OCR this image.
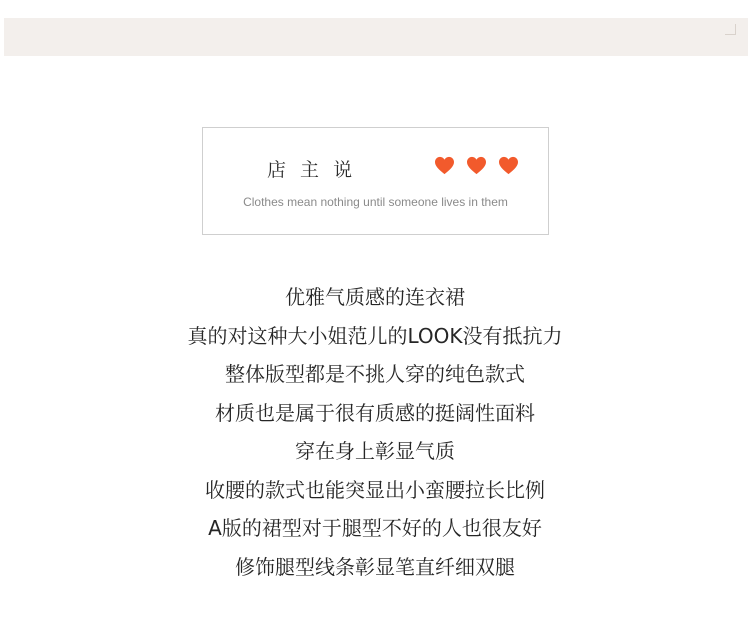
店 主 说
Clothes mean nothing until someone lives in them
优雅气质感的连衣裙
真的对这种大小姐范儿的LOOK没有抵抗力
整体版型都是不挑人穿的纯色款式
材质也是属于很有质感的挺阔性面料
穿在身上彰显气质
收腰的款式也能突显出小蛮腰拉长比例
A版的裙型对于腿型不好的人也很友好
修饰腿型线条彰显笔直纤细双腿
